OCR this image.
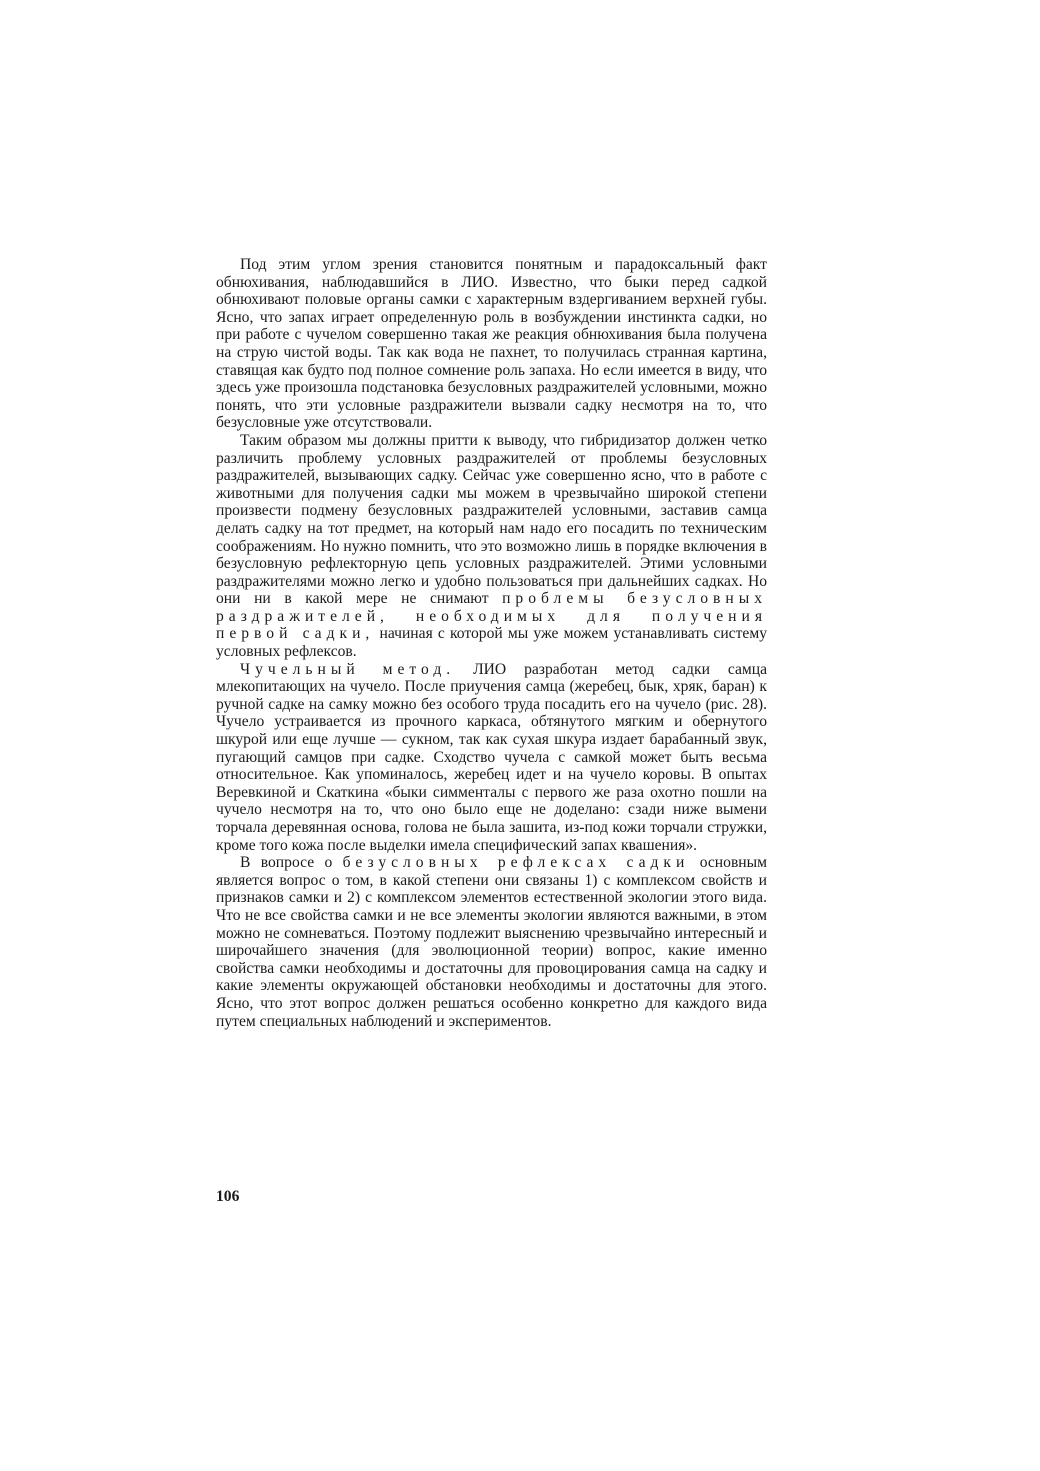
Под этим углом зрения становится понятным и парадоксальный факт обнюхивания, наблюдавшийся в ЛИО. Известно, что быки перед садкой обнюхивают половые органы самки с характерным вздергиванием верхней губы. Ясно, что запах играет определенную роль в возбуждении инстинкта садки, но при работе с чучелом совершенно такая же реакция обнюхивания была получена на струю чистой воды. Так как вода не пахнет, то получилась странная картина, ставящая как будто под полное сомнение роль запаха. Но если имеется в виду, что здесь уже произошла подстановка безусловных раздражителей условными, можно понять, что эти условные раздражители вызвали садку несмотря на то, что безусловные уже отсутствовали.

Таким образом мы должны притти к выводу, что гибридизатор должен четко различить проблему условных раздражителей от проблемы безусловных раздражителей, вызывающих садку. Сейчас уже совершенно ясно, что в работе с животными для получения садки мы можем в чрезвычайно широкой степени произвести подмену безусловных раздражителей условными, заставив самца делать садку на тот предмет, на который нам надо его посадить по техническим соображениям. Но нужно помнить, что это возможно лишь в порядке включения в безусловную рефлекторную цепь условных раздражителей. Этими условными раздражителями можно легко и удобно пользоваться при дальнейших садках. Но они ни в какой мере не снимают проблемы безусловных раздражителей, необходимых для получения первой садки, начиная с которой мы уже можем устанавливать систему условных рефлексов.

Чучельный метод. ЛИО разработан метод садки самца млекопитающих на чучело. После приучения самца (жеребец, бык, хряк, баран) к ручной садке на самку можно без особого труда посадить его на чучело (рис. 28). Чучело устраивается из прочного каркаса, обтянутого мягким и обернутого шкурой или еще лучше — сукном, так как сухая шкура издает барабанный звук, пугающий самцов при садке. Сходство чучела с самкой может быть весьма относительное. Как упоминалось, жеребец идет и на чучело коровы. В опытах Веревкиной и Скаткина «быки симменталы с первого же раза охотно пошли на чучело несмотря на то, что оно было еще не доделано: сзади ниже вымени торчала деревянная основа, голова не была зашита, из-под кожи торчали стружки, кроме того кожа после выделки имела специфический запах квашения».

В вопросе о безусловных рефлексах садки основным является вопрос о том, в какой степени они связаны 1) с комплексом свойств и признаков самки и 2) с комплексом элементов естественной экологии этого вида. Что не все свойства самки и не все элементы экологии являются важными, в этом можно не сомневаться. Поэтому подлежит выяснению чрезвычайно интересный и широчайшего значения (для эволюционной теории) вопрос, какие именно свойства самки необходимы и достаточны для провоцирования самца на садку и какие элементы окружающей обстановки необходимы и достаточны для этого. Ясно, что этот вопрос должен решаться особенно конкретно для каждого вида путем специальных наблюдений и экспериментов.

106
